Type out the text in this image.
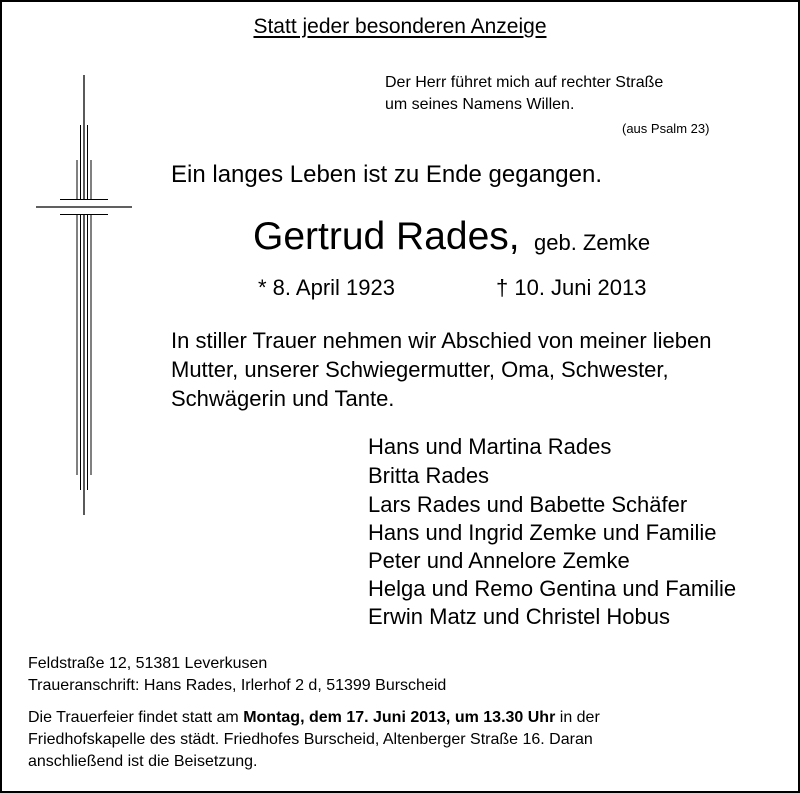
Statt jeder besonderen Anzeige
Der Herr führet mich auf rechter Straße
um seines Namens Willen.
(aus Psalm 23)
Ein langes Leben ist zu Ende gegangen.
Gertrud Rades, geb. Zemke
* 8. April 1923	† 10. Juni 2013
In stiller Trauer nehmen wir Abschied von meiner lieben
Mutter, unserer Schwiegermutter, Oma, Schwester,
Schwägerin und Tante.
Hans und Martina Rades
Britta Rades
Lars Rades und Babette Schäfer
Hans und Ingrid Zemke und Familie
Peter und Annelore Zemke
Helga und Remo Gentina und Familie
Erwin Matz und Christel Hobus
Feldstraße 12, 51381 Leverkusen
Traueranschrift: Hans Rades, Irlerhof 2 d, 51399 Burscheid
Die Trauerfeier findet statt am Montag, dem 17. Juni 2013, um 13.30 Uhr in der
Friedhofskapelle des städt. Friedhofes Burscheid, Altenberger Straße 16. Daran
anschließend ist die Beisetzung.
